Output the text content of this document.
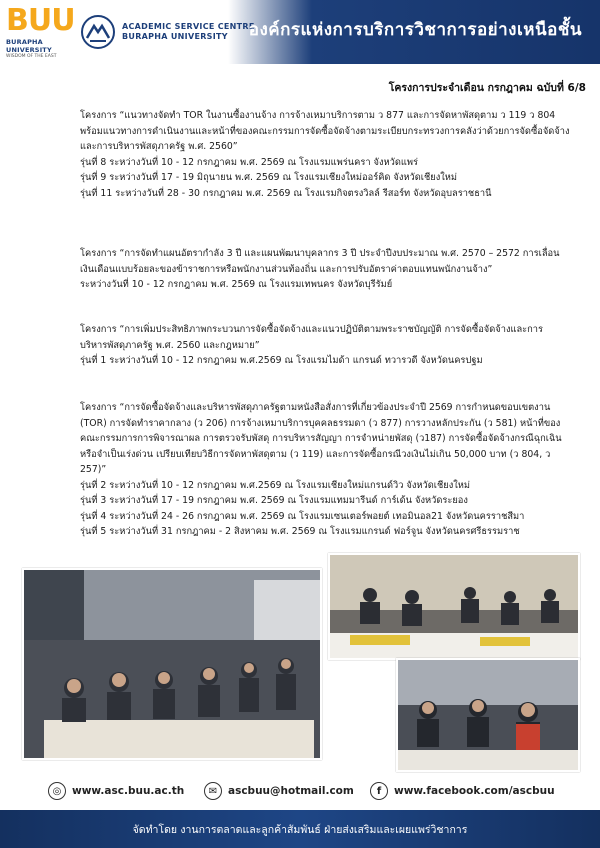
BUU
BURAPHA UNIVERSITY
WISDOM OF THE EAST
ACADEMIC SERVICE CENTRE
BURAPHA UNIVERSITY	องค์กรแห่งการบริการวิชาการอย่างเหนือชั้น
โครงการประจำเดือน กรกฎาคม ฉบับที่ 6/8

โครงการ “แนวทางจัดทำ TOR ในงานซื้องานจ้าง การจ้างเหมาบริการตาม ว 877 และการจัดหาพัสดุตาม ว 119 ว 804 พร้อมแนวทางการดำเนินงานและหน้าที่ของคณะกรรมการจัดซื้อจัดจ้างตามระเบียบกระทรวงการคลังว่าด้วยการจัดซื้อจัดจ้างและการบริหารพัสดุภาครัฐ พ.ศ. 2560”

รุ่นที่ 8 ระหว่างวันที่ 10 - 12 กรกฎาคม พ.ศ. 2569 ณ โรงแรมแพร่นครา จังหวัดแพร่

รุ่นที่ 9 ระหว่างวันที่ 17 - 19 มิถุนายน พ.ศ. 2569 ณ โรงแรมเชียงใหม่ออร์คิด จังหวัดเชียงใหม่

รุ่นที่ 11 ระหว่างวันที่ 28 - 30 กรกฎาคม พ.ศ. 2569 ณ โรงแรมกิจตรงวิลล์ รีสอร์ท จังหวัดอุบลราชธานี

โครงการ “การจัดทำแผนอัตรากำลัง 3 ปี และแผนพัฒนาบุคลากร 3 ปี ประจำปีงบประมาณ พ.ศ. 2570 – 2572 การเลื่อนเงินเดือนแบบร้อยละของข้าราชการหรือพนักงานส่วนท้องถิ่น และการปรับอัตราค่าตอบแทนพนักงานจ้าง”

ระหว่างวันที่ 10 - 12 กรกฎาคม พ.ศ. 2569 ณ โรงแรมเทพนคร จังหวัดบุรีรัมย์

โครงการ “การเพิ่มประสิทธิภาพกระบวนการจัดซื้อจัดจ้างและแนวปฏิบัติตามพระราชบัญญัติ การจัดซื้อจัดจ้างและการบริหารพัสดุภาครัฐ พ.ศ. 2560 และกฎหมาย”

รุ่นที่ 1 ระหว่างวันที่ 10 - 12 กรกฎาคม พ.ศ.2569 ณ โรงแรมไมด้า แกรนด์ ทวารวดี จังหวัดนครปฐม

โครงการ “การจัดซื้อจัดจ้างและบริหารพัสดุภาครัฐตามหนังสือสั่งการที่เกี่ยวข้องประจำปี 2569 การกำหนดขอบเขตงาน (TOR) การจัดทำราคากลาง (ว 206) การจ้างเหมาบริการบุคคลธรรมดา (ว 877) การวางหลักประกัน (ว 581) หน้าที่ของคณะกรรมการการพิจารณาผล การตรวจรับพัสดุ การบริหารสัญญา การจำหน่ายพัสดุ (ว187) การจัดซื้อจัดจ้างกรณีฉุกเฉินหรือจำเป็นเร่งด่วน เปรียบเทียบวิธีการจัดหาพัสดุตาม (ว 119) และการจัดซื้อกรณีวงเงินไม่เกิน 50,000 บาท (ว 804, ว 257)”

รุ่นที่ 2 ระหว่างวันที่ 10 - 12 กรกฎาคม พ.ศ.2569 ณ โรงแรมเชียงใหม่แกรนด์วิว จังหวัดเชียงใหม่

รุ่นที่ 3 ระหว่างวันที่ 17 - 19 กรกฎาคม พ.ศ. 2569 ณ โรงแรมแทมมารีนด์ การ์เด้น จังหวัดระยอง

รุ่นที่ 4 ระหว่างวันที่ 24 - 26 กรกฎาคม พ.ศ. 2569 ณ โรงแรมเซนเตอร์พอยต์ เทอมินอล21 จังหวัดนครราชสีมา

รุ่นที่ 5 ระหว่างวันที่ 31 กรกฎาคม - 2 สิงหาคม พ.ศ. 2569 ณ โรงแรมแกรนด์ ฟอร์จูน จังหวัดนครศรีธรรมราช

◎	www.asc.buu.ac.th	✉	ascbuu@hotmail.com	f	www.facebook.com/ascbuu
จัดทำโดย งานการตลาดและลูกค้าสัมพันธ์ ฝ่ายส่งเสริมและเผยแพร่วิชาการ
